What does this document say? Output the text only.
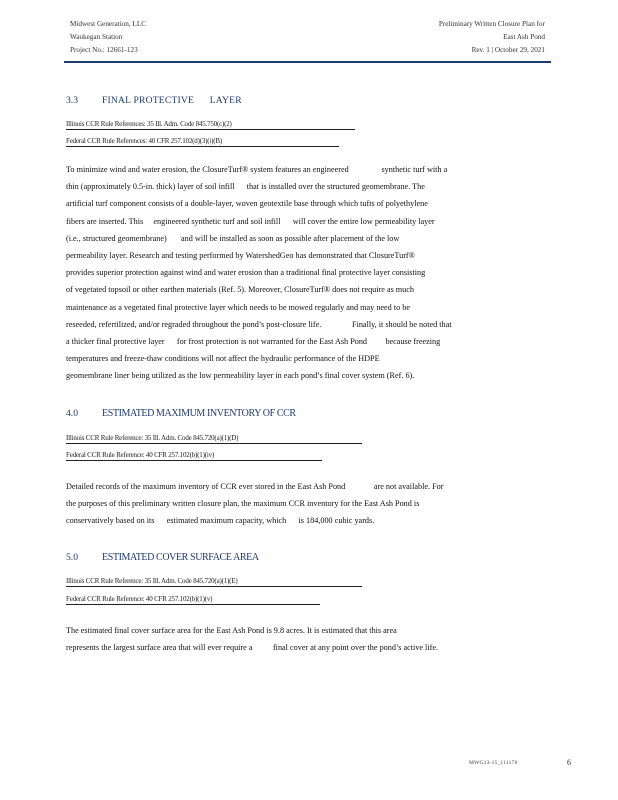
Midwest Generation, LLC
Waukegan Station
Project No.: 12661-123
Preliminary Written Closure Plan for
East Ash Pond
Rev. 1 | October 29, 2021
3.3	FINAL PROTECTIVE      LAYER
Illinois CCR Rule References: 35 Ill. Adm. Code 845.750(c)(2)
Federal CCR Rule References: 40 CFR 257.102(d)(3)(i)(B)
To minimize wind and water erosion, the ClosureTurf® system features an engineered                synthetic turf with a
thin (approximately 0.5-in. thick) layer of soil infill      that is installed over the structured geomembrane. The
artificial turf component consists of a double-layer, woven geotextile base through which tufts of polyethylene
fibers are inserted. This     engineered synthetic turf and soil infill      will cover the entire low permeability layer
(i.e., structured geomembrane)       and will be installed as soon as possible after placement of the low
permeability layer. Research and testing performed by WatershedGeo has demonstrated that ClosureTurf®
provides superior protection against wind and water erosion than a traditional final protective layer consisting
of vegetated topsoil or other earthen materials (Ref. 5). Moreover, ClosureTurf® does not require as much
maintenance as a vegetated final protective layer which needs to be mowed regularly and may need to be
reseeded, refertilized, and/or regraded throughout the pond’s post-closure life.               Finally, it should be noted that
a thicker final protective layer      for frost protection is not warranted for the East Ash Pond         because freezing
temperatures and freeze-thaw conditions will not affect the hydraulic performance of the HDPE
geomembrane liner being utilized as the low permeability layer in each pond’s final cover system (Ref. 6).
4.0 ESTIMATED MAXIMUM INVENTORY OF CCR
Illinois CCR Rule Reference: 35 Ill. Adm. Code 845.720(a)(1)(D)
Federal CCR Rule Reference: 40 CFR 257.102(b)(1)(iv)
Detailed records of the maximum inventory of CCR ever stored in the East Ash Pond              are not available. For
the purposes of this preliminary written closure plan, the maximum CCR inventory for the East Ash Pond is
conservatively based on its      estimated maximum capacity, which      is 184,000 cubic yards.
5.0 ESTIMATED COVER SURFACE AREA
Illinois CCR Rule Reference: 35 Ill. Adm. Code 845.720(a)(1)(E)
Federal CCR Rule Reference: 40 CFR 257.102(b)(1)(v)
The estimated final cover surface area for the East Ash Pond is 9.8 acres. It is estimated that this area
represents the largest surface area that will ever require a          final cover at any point over the pond’s active life.
MWG13-15_111170	6
